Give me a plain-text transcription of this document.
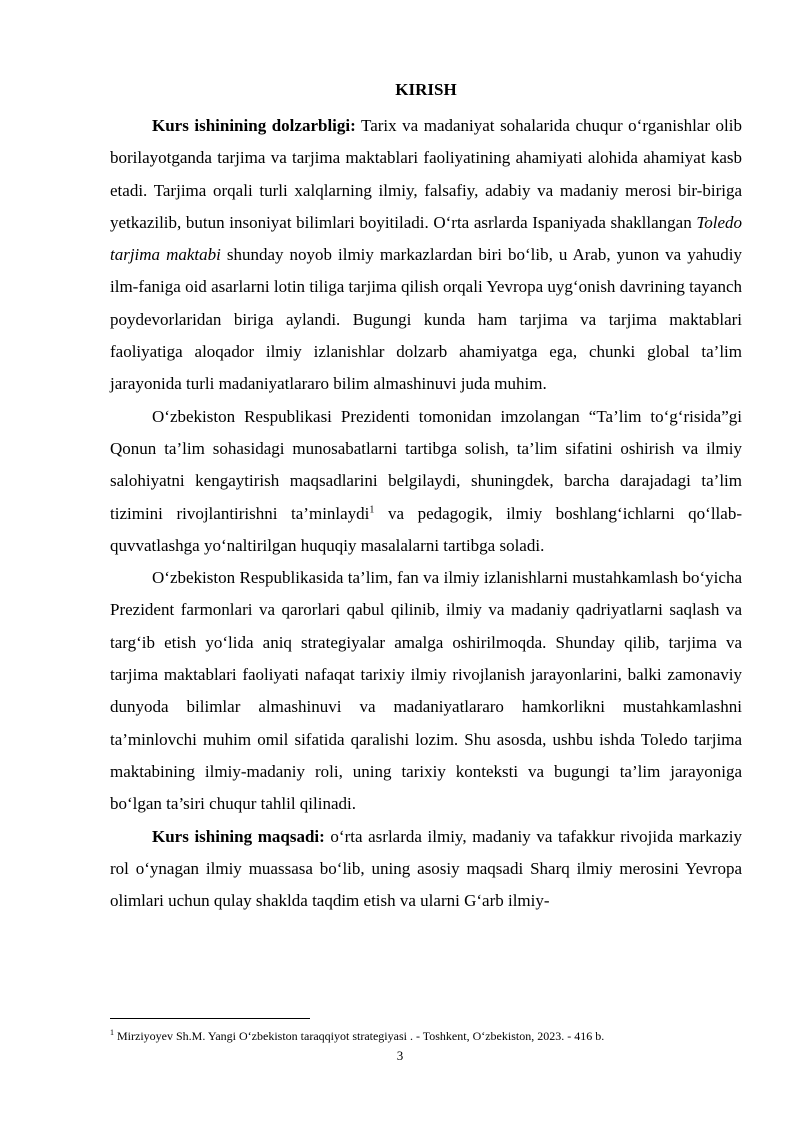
KIRISH

Kurs ishinining dolzarbligi: Tarix va madaniyat sohalarida chuqur o‘rganishlar olib borilayotganda tarjima va tarjima maktablari faoliyatining ahamiyati alohida ahamiyat kasb etadi. Tarjima orqali turli xalqlarning ilmiy, falsafiy, adabiy va madaniy merosi bir-biriga yetkazilib, butun insoniyat bilimlari boyitiladi. O‘rta asrlarda Ispaniyada shakllangan Toledo tarjima maktabi shunday noyob ilmiy markazlardan biri bo‘lib, u Arab, yunon va yahudiy ilm-faniga oid asarlarni lotin tiliga tarjima qilish orqali Yevropa uyg‘onish davrining tayanch poydevorlaridan biriga aylandi. Bugungi kunda ham tarjima va tarjima maktablari faoliyatiga aloqador ilmiy izlanishlar dolzarb ahamiyatga ega, chunki global ta’lim jarayonida turli madaniyatlararo bilim almashinuvi juda muhim.

O‘zbekiston Respublikasi Prezidenti tomonidan imzolangan “Ta’lim to‘g‘risida”gi Qonun ta’lim sohasidagi munosabatlarni tartibga solish, ta’lim sifatini oshirish va ilmiy salohiyatni kengaytirish maqsadlarini belgilaydi, shuningdek, barcha darajadagi ta’lim tizimini rivojlantirishni ta’minlaydi$^1$ va pedagogik, ilmiy boshlang‘ichlarni qo‘llab-quvvatlashga yo‘naltirilgan huquqiy masalalarni tartibga soladi.

O‘zbekiston Respublikasida ta’lim, fan va ilmiy izlanishlarni mustahkamlash bo‘yicha Prezident farmonlari va qarorlari qabul qilinib, ilmiy va madaniy qadriyatlarni saqlash va targ‘ib etish yo‘lida aniq strategiyalar amalga oshirilmoqda. Shunday qilib, tarjima va tarjima maktablari faoliyati nafaqat tarixiy ilmiy rivojlanish jarayonlarini, balki zamonaviy dunyoda bilimlar almashinuvi va madaniyatlararo hamkorlikni mustahkamlashni ta’minlovchi muhim omil sifatida qaralishi lozim. Shu asosda, ushbu ishda Toledo tarjima maktabining ilmiy-madaniy roli, uning tarixiy konteksti va bugungi ta’lim jarayoniga bo‘lgan ta’siri chuqur tahlil qilinadi.

Kurs ishining maqsadi: o‘rta asrlarda ilmiy, madaniy va tafakkur rivojida markaziy rol o‘ynagan ilmiy muassasa bo‘lib, uning asosiy maqsadi Sharq ilmiy merosini Yevropa olimlari uchun qulay shaklda taqdim etish va ularni G‘arb ilmiy-

$^1$ Mirziyoyev Sh.M. Yangi O‘zbekiston taraqqiyot strategiyasi . - Toshkent, O‘zbekiston, 2023. - 416 b.
3
